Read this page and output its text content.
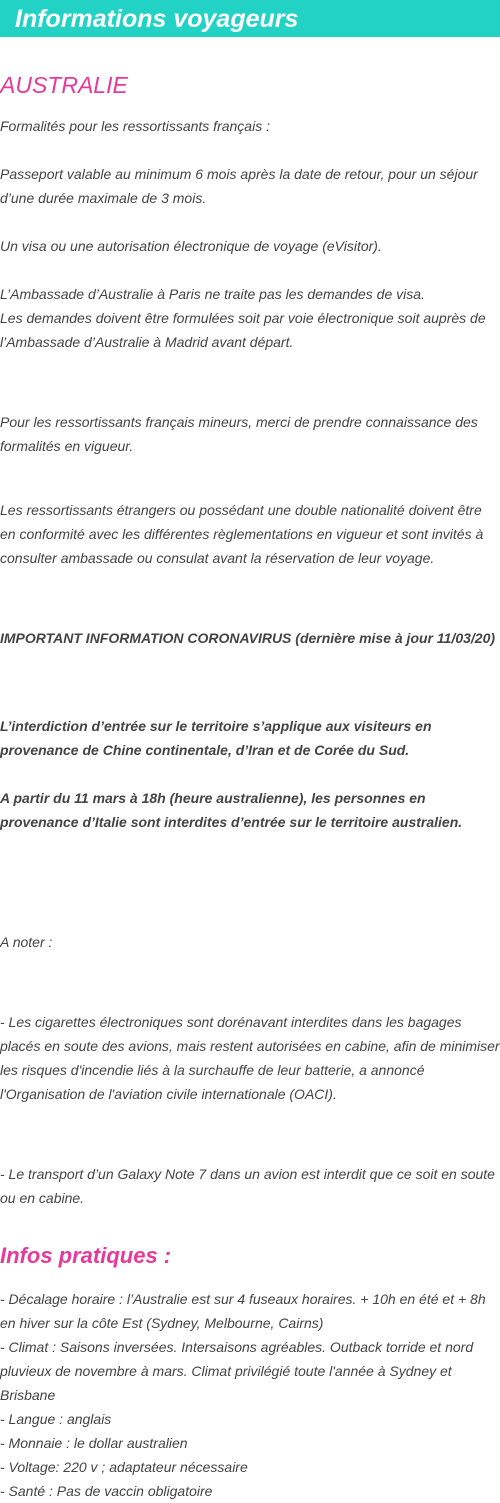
Informations voyageurs
AUSTRALIE

Formalités pour les ressortissants français :

Passeport valable au minimum 6 mois après la date de retour, pour un séjour d’une durée maximale de 3 mois.

Un visa ou une autorisation électronique de voyage (eVisitor).

L’Ambassade d’Australie à Paris ne traite pas les demandes de visa.

Les demandes doivent être formulées soit par voie électronique soit auprès de l’Ambassade d’Australie à Madrid avant départ.

Pour les ressortissants français mineurs, merci de prendre connaissance des formalités en vigueur.

Les ressortissants étrangers ou possédant une double nationalité doivent être en conformité avec les différentes règlementations en vigueur et sont invités à consulter ambassade ou consulat avant la réservation de leur voyage.

IMPORTANT INFORMATION CORONAVIRUS (dernière mise à jour 11/03/20)

L’interdiction d’entrée sur le territoire s’applique aux visiteurs en provenance de Chine continentale, d’Iran et de Corée du Sud.

A partir du 11 mars à 18h (heure australienne), les personnes en provenance d’Italie sont interdites d’entrée sur le territoire australien.

A noter :

- Les cigarettes électroniques sont dorénavant interdites dans les bagages placés en soute des avions, mais restent autorisées en cabine, afin de minimiser les risques d'incendie liés à la surchauffe de leur batterie, a annoncé l'Organisation de l'aviation civile internationale (OACI).

- Le transport d’un Galaxy Note 7 dans un avion est interdit que ce soit en soute ou en cabine.

Infos pratiques :
- Décalage horaire : l’Australie est sur 4 fuseaux horaires. + 10h en été et + 8h en hiver sur la côte Est (Sydney, Melbourne, Cairns)
- Climat : Saisons inversées. Intersaisons agréables. Outback torride et nord pluvieux de novembre à mars. Climat privilégié toute l'année à Sydney et Brisbane
- Langue : anglais
- Monnaie : le dollar australien
- Voltage: 220 v ; adaptateur nécessaire
- Santé : Pas de vaccin obligatoire
